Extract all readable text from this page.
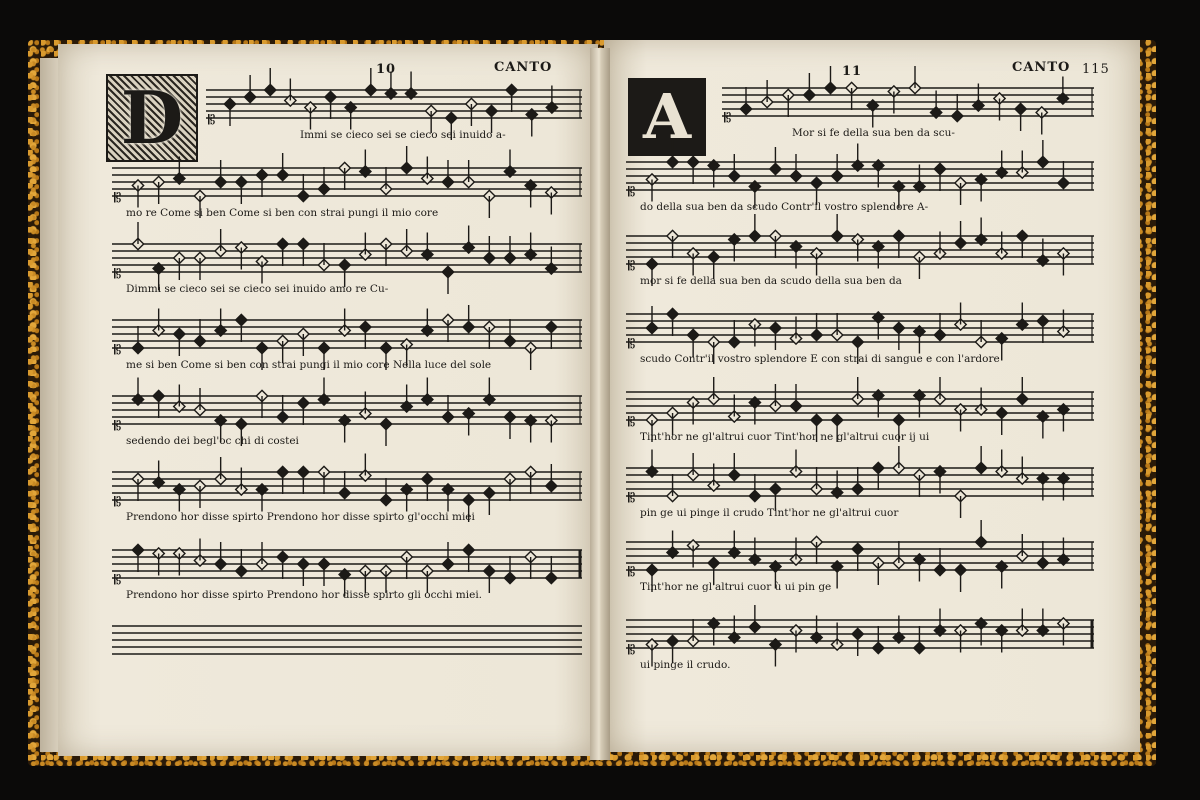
10	CANTO
D	𝄡
Immi se cieco sei se cieco sei inuido a-
𝄡
mo re Come si ben Come si ben con strai pungi il mio core
𝄡
Dimmi se cieco sei se cieco sei inuido amo re Cu-
𝄡
me si ben Come si ben con strai pungi il mio core Nella luce del sole
𝄡
sedendo dei begl'oc chi di costei
𝄡
Prendono hor disse spirto Prendono hor disse spirto gl'occhi miei
𝄡
Prendono hor disse spirto Prendono hor disse spirto gli occhi miei.
11	CANTO 115
A	𝄡
Mor si fe della sua ben da scu-
𝄡
do della sua ben da scudo Contr'il vostro splendore A-
𝄡
mor si fe della sua ben da scudo della sua ben da
𝄡
scudo Contr'il vostro splendore E con strai di sangue e con l'ardore
𝄡
Tint'hor ne gl'altrui cuor Tint'hor ne gl'altrui cuor ij ui
𝄡
pin ge ui pinge il crudo Tint'hor ne gl'altrui cuor
𝄡
Tint'hor ne gl'altrui cuor ù ui pin ge
𝄡
ui pinge il crudo.
